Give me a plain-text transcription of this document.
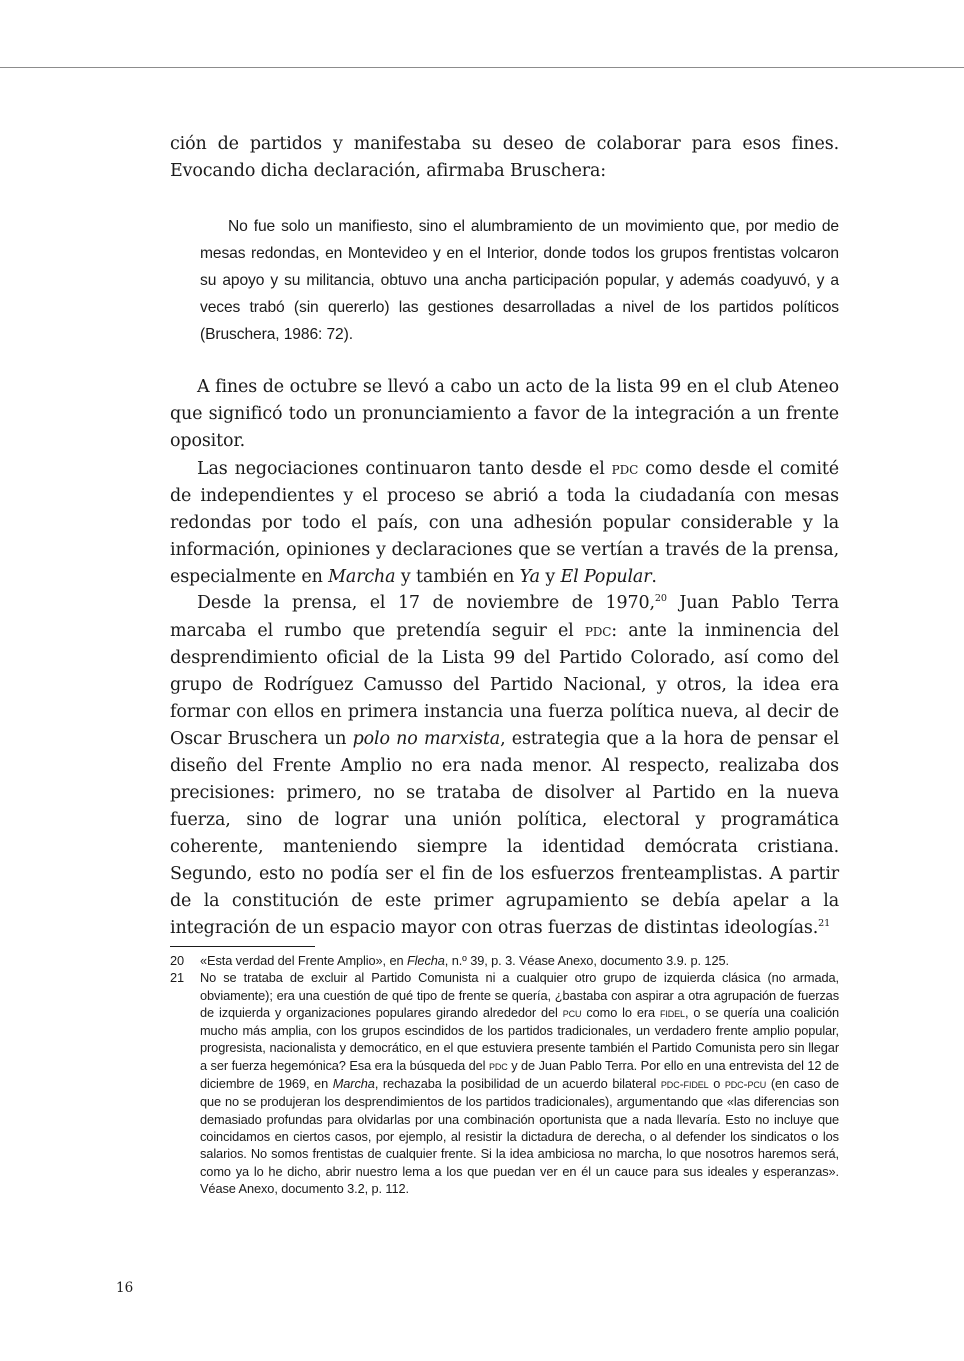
ción de partidos y manifestaba su deseo de colaborar para esos fines. Evocando dicha declaración, afirmaba Bruschera:

No fue solo un manifiesto, sino el alumbramiento de un movimiento que, por medio de mesas redondas, en Montevideo y en el Interior, donde todos los grupos frentistas volcaron su apoyo y su militancia, obtuvo una ancha participación popular, y además coadyuvó, y a veces trabó (sin quererlo) las gestiones desarrolladas a nivel de los partidos políticos (Bruschera, 1986: 72).

A fines de octubre se llevó a cabo un acto de la lista 99 en el club Ateneo que significó todo un pronunciamiento a favor de la integración a un frente opositor.

Las negociaciones continuaron tanto desde el pdc como desde el comité de independientes y el proceso se abrió a toda la ciudadanía con mesas redondas por todo el país, con una adhesión popular considerable y la información, opiniones y declaraciones que se vertían a través de la prensa, especialmente en Marcha y también en Ya y El Popular.

Desde la prensa, el 17 de noviembre de 1970,20 Juan Pablo Terra marcaba el rumbo que pretendía seguir el pdc: ante la inminencia del desprendimiento oficial de la Lista 99 del Partido Colorado, así como del grupo de Rodríguez Camusso del Partido Nacional, y otros, la idea era formar con ellos en primera instancia una fuerza política nueva, al decir de Oscar Bruschera un polo no marxista, estrategia que a la hora de pensar el diseño del Frente Amplio no era nada menor. Al respecto, realizaba dos precisiones: primero, no se trataba de disolver al Partido en la nueva fuerza, sino de lograr una unión política, electoral y programática coherente, manteniendo siempre la identidad demócrata cristiana. Segundo, esto no podía ser el fin de los esfuerzos frenteamplistas. A partir de la constitución de este primer agrupamiento se debía apelar a la integración de un espacio mayor con otras fuerzas de distintas ideologías.$^{21}$

20	«Esta verdad del Frente Amplio», en Flecha, n.º 39, p. 3. Véase Anexo, documento 3.9. p. 125.

21	No se trataba de excluir al Partido Comunista ni a cualquier otro grupo de izquierda clásica (no armada, obviamente); era una cuestión de qué tipo de frente se quería, ¿bastaba con aspirar a otra agrupación de fuerzas de izquierda y organizaciones populares girando alrededor del pcu como lo era fidel, o se quería una coalición mucho más amplia, con los grupos escindidos de los partidos tradicionales, un verdadero frente amplio popular, progresista, nacionalista y democrático, en el que estuviera presente también el Partido Comunista pero sin llegar a ser fuerza hegemónica? Esa era la búsqueda del pdc y de Juan Pablo Terra. Por ello en una entrevista del 12 de diciembre de 1969, en Marcha, rechazaba la posibilidad de un acuerdo bilateral pdc-fidel o pdc-pcu (en caso de que no se produjeran los desprendimientos de los partidos tradicionales), argumentando que «las diferencias son demasiado profundas para olvidarlas por una combinación oportunista que a nada llevaría. Esto no incluye que coincidamos en ciertos casos, por ejemplo, al resistir la dictadura de derecha, o al defender los sindicatos o los salarios. No somos frentistas de cualquier frente. Si la idea ambiciosa no marcha, lo que nosotros haremos será, como ya lo he dicho, abrir nuestro lema a los que puedan ver en él un cauce para sus ideales y esperanzas». Véase Anexo, documento 3.2, p. 112.

16
